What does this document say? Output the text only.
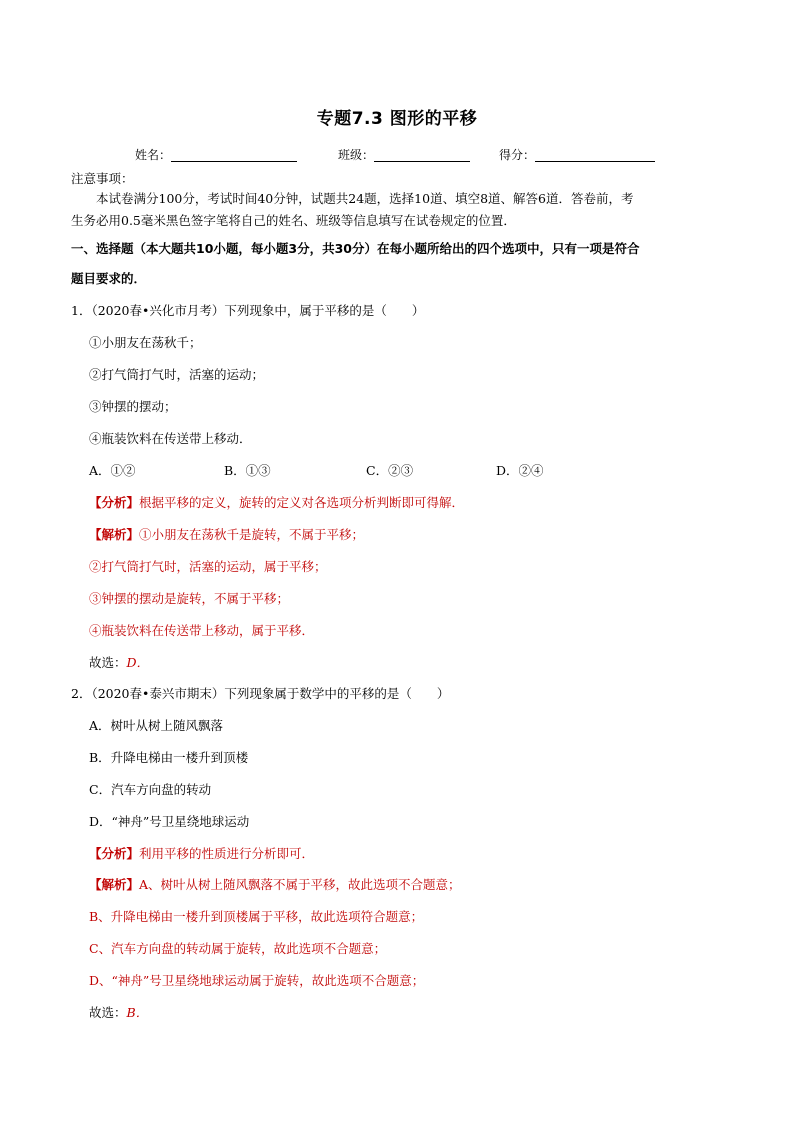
专题7.3 图形的平移
姓名：	班级：	得分：
注意事项：
本试卷满分100分，考试时间40分钟，试题共24题，选择10道、填空8道、解答6道．答卷前，考
生务必用0.5毫米黑色签字笔将自己的姓名、班级等信息填写在试卷规定的位置．
一、选择题（本大题共10小题，每小题3分，共30分）在每小题所给出的四个选项中，只有一项是符合
题目要求的．
1．（2020春•兴化市月考）下列现象中，属于平移的是（　　）
①小朋友在荡秋千；
②打气筒打气时，活塞的运动；
③钟摆的摆动；
④瓶装饮料在传送带上移动．
A．①②	B．①③	C．②③	D．②④
【分析】根据平移的定义，旋转的定义对各选项分析判断即可得解．
【解析】①小朋友在荡秋千是旋转，不属于平移；
②打气筒打气时，活塞的运动，属于平移；
③钟摆的摆动是旋转，不属于平移；
④瓶装饮料在传送带上移动，属于平移．
故选：D．
2．（2020春•泰兴市期末）下列现象属于数学中的平移的是（　　）
A．树叶从树上随风飘落
B．升降电梯由一楼升到顶楼
C．汽车方向盘的转动
D．“神舟”号卫星绕地球运动
【分析】利用平移的性质进行分析即可．
【解析】A、树叶从树上随风飘落不属于平移，故此选项不合题意；
B、升降电梯由一楼升到顶楼属于平移，故此选项符合题意；
C、汽车方向盘的转动属于旋转，故此选项不合题意；
D、“神舟”号卫星绕地球运动属于旋转，故此选项不合题意；
故选：B．
